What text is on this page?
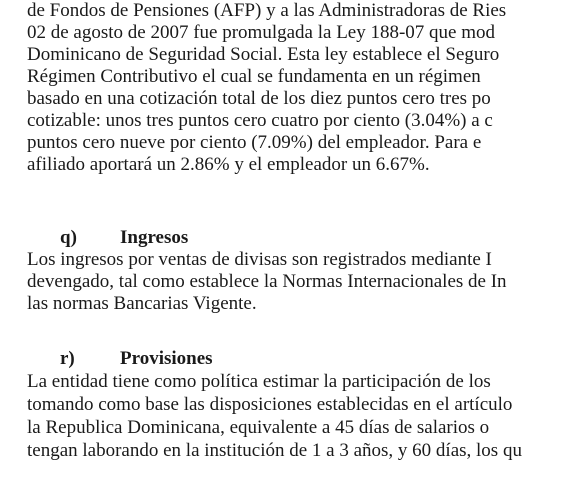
de Fondos de Pensiones (AFP) y a las Administradoras de Ries
02 de agosto de 2007 fue promulgada la Ley 188-07 que mod
Dominicano de Seguridad Social. Esta ley establece el Seguro
Régimen Contributivo el cual se fundamenta en un régimen
basado en una cotización total de los diez puntos cero tres po
cotizable: unos tres puntos cero cuatro por ciento (3.04%) a c
puntos cero nueve por ciento (7.09%) del empleador. Para e
afiliado aportará un 2.86% y el empleador un 6.67%.
q) Ingresos
Los ingresos por ventas de divisas son registrados mediante I
devengado, tal como establece la Normas Internacionales de In
las normas Bancarias Vigente.
r) Provisiones
La entidad tiene como política estimar la participación de los
tomando como base las disposiciones establecidas en el artículo
la Republica Dominicana, equivalente a 45 días de salarios o
tengan laborando en la institución de 1 a 3 años, y 60 días, los qu
